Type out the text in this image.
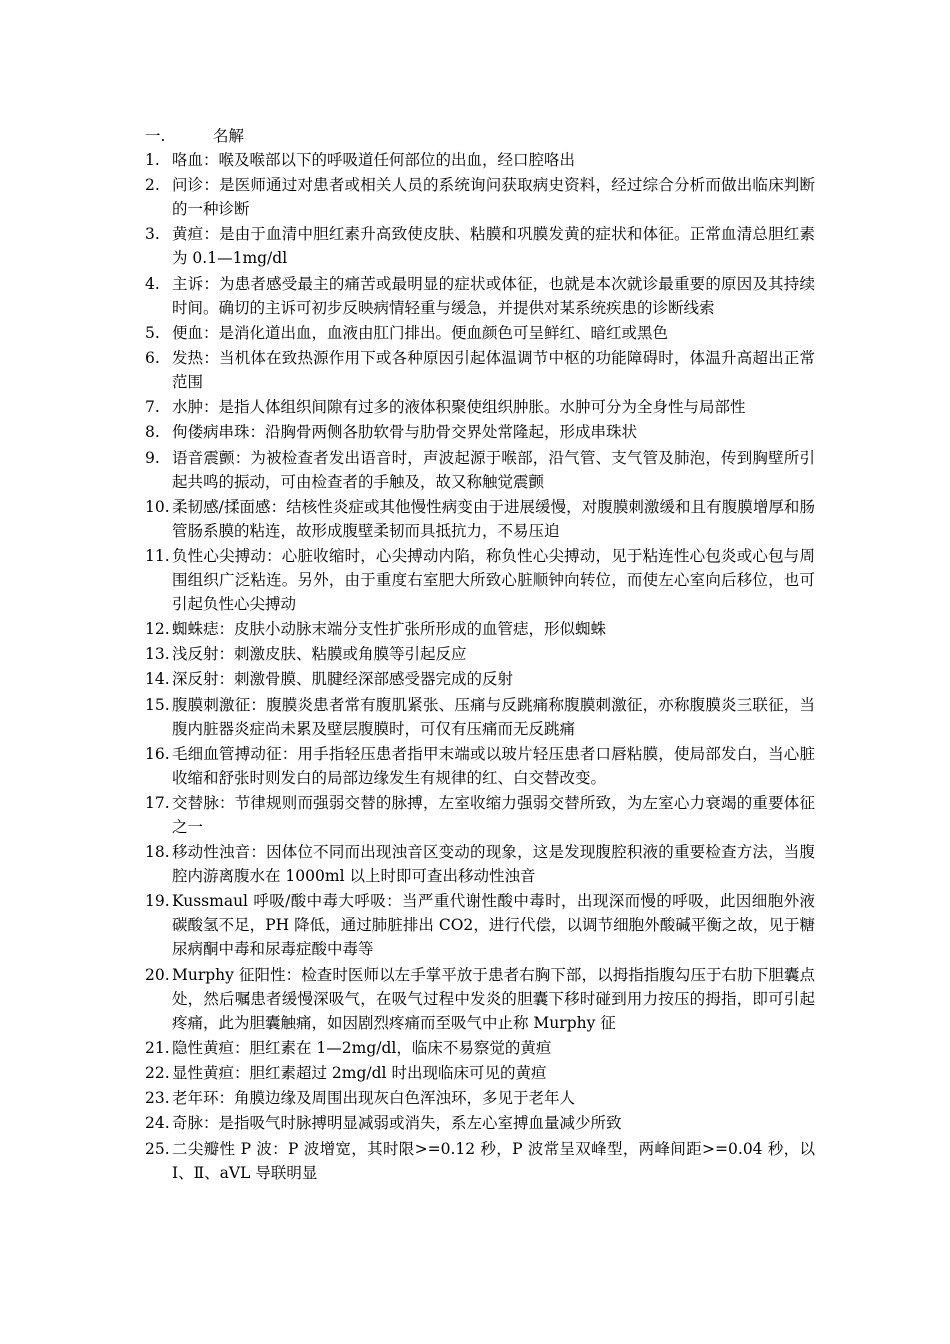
一.	名解
1. 咯血：喉及喉部以下的呼吸道任何部位的出血，经口腔咯出
2. 问诊：是医师通过对患者或相关人员的系统询问获取病史资料，经过综合分析而做出临床判断的一种诊断
3. 黄疸：是由于血清中胆红素升高致使皮肤、粘膜和巩膜发黄的症状和体征。正常血清总胆红素为 0.1—1mg/dl
4. 主诉：为患者感受最主的痛苦或最明显的症状或体征，也就是本次就诊最重要的原因及其持续时间。确切的主诉可初步反映病情轻重与缓急，并提供对某系统疾患的诊断线索
5. 便血：是消化道出血，血液由肛门排出。便血颜色可呈鲜红、暗红或黑色
6. 发热：当机体在致热源作用下或各种原因引起体温调节中枢的功能障碍时，体温升高超出正常范围
7. 水肿：是指人体组织间隙有过多的液体积聚使组织肿胀。水肿可分为全身性与局部性
8. 佝偻病串珠：沿胸骨两侧各肋软骨与肋骨交界处常隆起，形成串珠状
9. 语音震颤：为被检查者发出语音时，声波起源于喉部，沿气管、支气管及肺泡，传到胸壁所引起共鸣的振动，可由检查者的手触及，故又称触觉震颤
10. 柔韧感/揉面感：结核性炎症或其他慢性病变由于进展缓慢，对腹膜刺激缓和且有腹膜增厚和肠管肠系膜的粘连，故形成腹壁柔韧而具抵抗力，不易压迫
11. 负性心尖搏动：心脏收缩时，心尖搏动内陷，称负性心尖搏动，见于粘连性心包炎或心包与周围组织广泛粘连。另外，由于重度右室肥大所致心脏顺钟向转位，而使左心室向后移位，也可引起负性心尖搏动
12. 蜘蛛痣：皮肤小动脉末端分支性扩张所形成的血管痣，形似蜘蛛
13. 浅反射：刺激皮肤、粘膜或角膜等引起反应
14. 深反射：刺激骨膜、肌腱经深部感受器完成的反射
15. 腹膜刺激征：腹膜炎患者常有腹肌紧张、压痛与反跳痛称腹膜刺激征，亦称腹膜炎三联征，当腹内脏器炎症尚未累及壁层腹膜时，可仅有压痛而无反跳痛
16. 毛细血管搏动征：用手指轻压患者指甲末端或以玻片轻压患者口唇粘膜，使局部发白，当心脏收缩和舒张时则发白的局部边缘发生有规律的红、白交替改变。
17. 交替脉：节律规则而强弱交替的脉搏，左室收缩力强弱交替所致，为左室心力衰竭的重要体征之一
18. 移动性浊音：因体位不同而出现浊音区变动的现象，这是发现腹腔积液的重要检查方法，当腹腔内游离腹水在 1000ml 以上时即可查出移动性浊音
19. Kussmaul 呼吸/酸中毒大呼吸：当严重代谢性酸中毒时，出现深而慢的呼吸，此因细胞外液碳酸氢不足，PH 降低，通过肺脏排出 CO2，进行代偿，以调节细胞外酸碱平衡之故，见于糖尿病酮中毒和尿毒症酸中毒等
20. Murphy 征阳性：检查时医师以左手掌平放于患者右胸下部，以拇指指腹勾压于右肋下胆囊点处，然后嘱患者缓慢深吸气，在吸气过程中发炎的胆囊下移时碰到用力按压的拇指，即可引起疼痛，此为胆囊触痛，如因剧烈疼痛而至吸气中止称 Murphy 征
21. 隐性黄疸：胆红素在 1—2mg/dl，临床不易察觉的黄疸
22. 显性黄疸：胆红素超过 2mg/dl 时出现临床可见的黄疸
23. 老年环：角膜边缘及周围出现灰白色浑浊环，多见于老年人
24. 奇脉：是指吸气时脉搏明显减弱或消失，系左心室搏血量减少所致
25. 二尖瓣性 P 波：P 波增宽，其时限>=0.12 秒，P 波常呈双峰型，两峰间距>=0.04 秒，以Ⅰ、Ⅱ、aVL 导联明显
